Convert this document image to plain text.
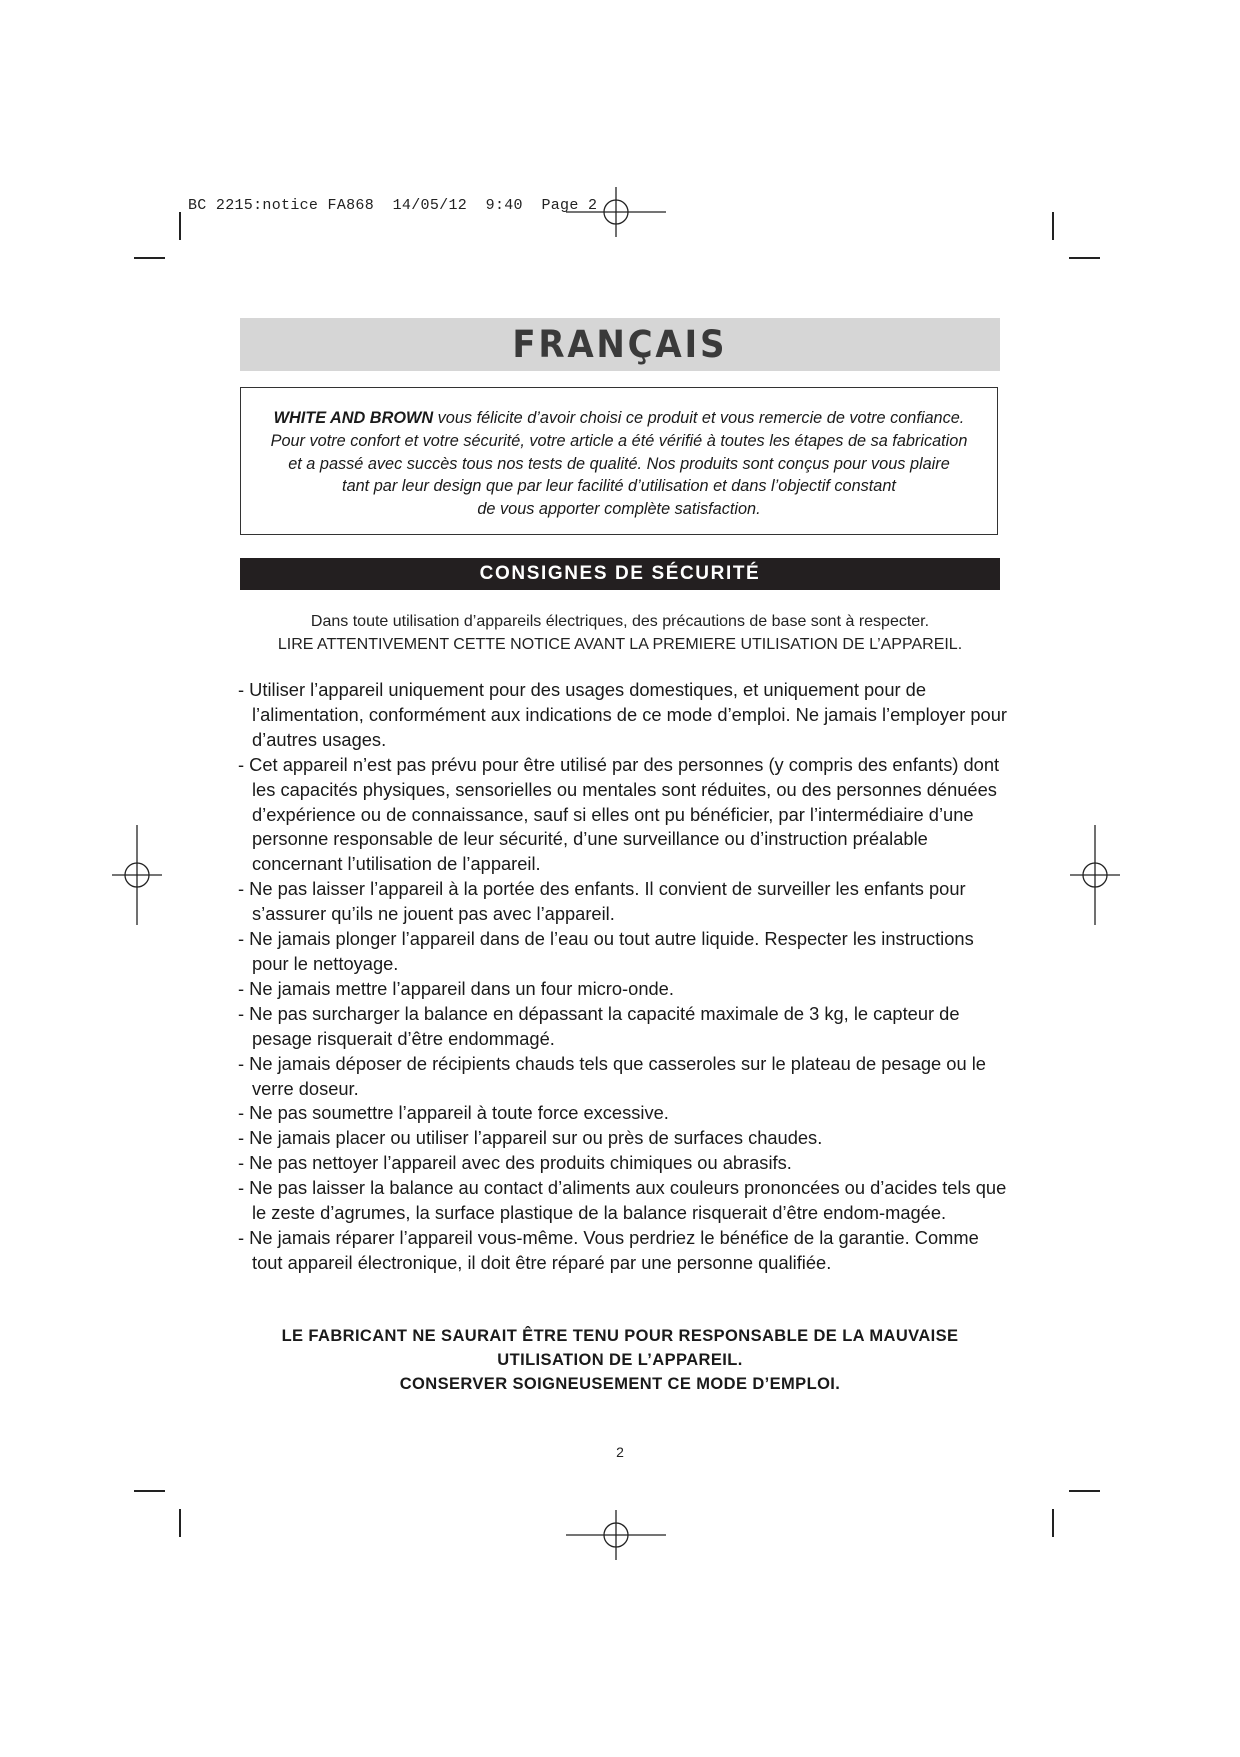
BC 2215:notice FA868  14/05/12  9:40  Page 2
FRANÇAIS
WHITE AND BROWN vous félicite d’avoir choisi ce produit et vous remercie de votre confiance.
Pour votre confort et votre sécurité, votre article a été vérifié à toutes les étapes de sa fabrication
et a passé avec succès tous nos tests de qualité. Nos produits sont conçus pour vous plaire
tant par leur design que par leur facilité d’utilisation et dans l’objectif constant
de vous apporter complète satisfaction.
CONSIGNES DE SÉCURITÉ
Dans toute utilisation d’appareils électriques, des précautions de base sont à respecter.
LIRE ATTENTIVEMENT CETTE NOTICE AVANT LA PREMIERE UTILISATION DE L’APPAREIL.
- Utiliser l’appareil uniquement pour des usages domestiques, et uniquement pour de l’alimentation, conformément aux indications de ce mode d’emploi. Ne jamais l’employer pour d’autres usages.
- Cet appareil n’est pas prévu pour être utilisé par des personnes (y compris des enfants) dont les capacités physiques, sensorielles ou mentales sont réduites, ou des personnes dénuées d’expérience ou de connaissance, sauf si elles ont pu bénéficier, par l’intermédiaire d’une personne responsable de leur sécurité, d’une surveillance ou d’instruction préalable concernant l’utilisation de l’appareil.
- Ne pas laisser l’appareil à la portée des enfants. Il convient de surveiller les enfants pour s’assurer qu’ils ne jouent pas avec l’appareil.
- Ne jamais plonger l’appareil dans de l’eau ou tout autre liquide. Respecter les instructions pour le nettoyage.
- Ne jamais mettre l’appareil dans un four micro-onde.
- Ne pas surcharger la balance en dépassant la capacité maximale de 3 kg, le capteur de pesage risquerait d’être endommagé.
- Ne jamais déposer de récipients chauds tels que casseroles sur le plateau de pesage ou le verre doseur.
- Ne pas soumettre l’appareil à toute force excessive.
- Ne jamais placer ou utiliser l’appareil sur ou près de surfaces chaudes.
- Ne pas nettoyer l’appareil avec des produits chimiques ou abrasifs.
- Ne pas laisser la balance au contact d’aliments aux couleurs prononcées ou d’acides tels que le zeste d’agrumes, la surface plastique de la balance risquerait d’être endom-magée.
- Ne jamais réparer l’appareil vous-même. Vous perdriez le bénéfice de la garantie. Comme tout appareil électronique, il doit être réparé par une personne qualifiée.
LE FABRICANT NE SAURAIT ÊTRE TENU POUR RESPONSABLE DE LA MAUVAISE
UTILISATION DE L’APPAREIL.
CONSERVER SOIGNEUSEMENT CE MODE D’EMPLOI.
2
